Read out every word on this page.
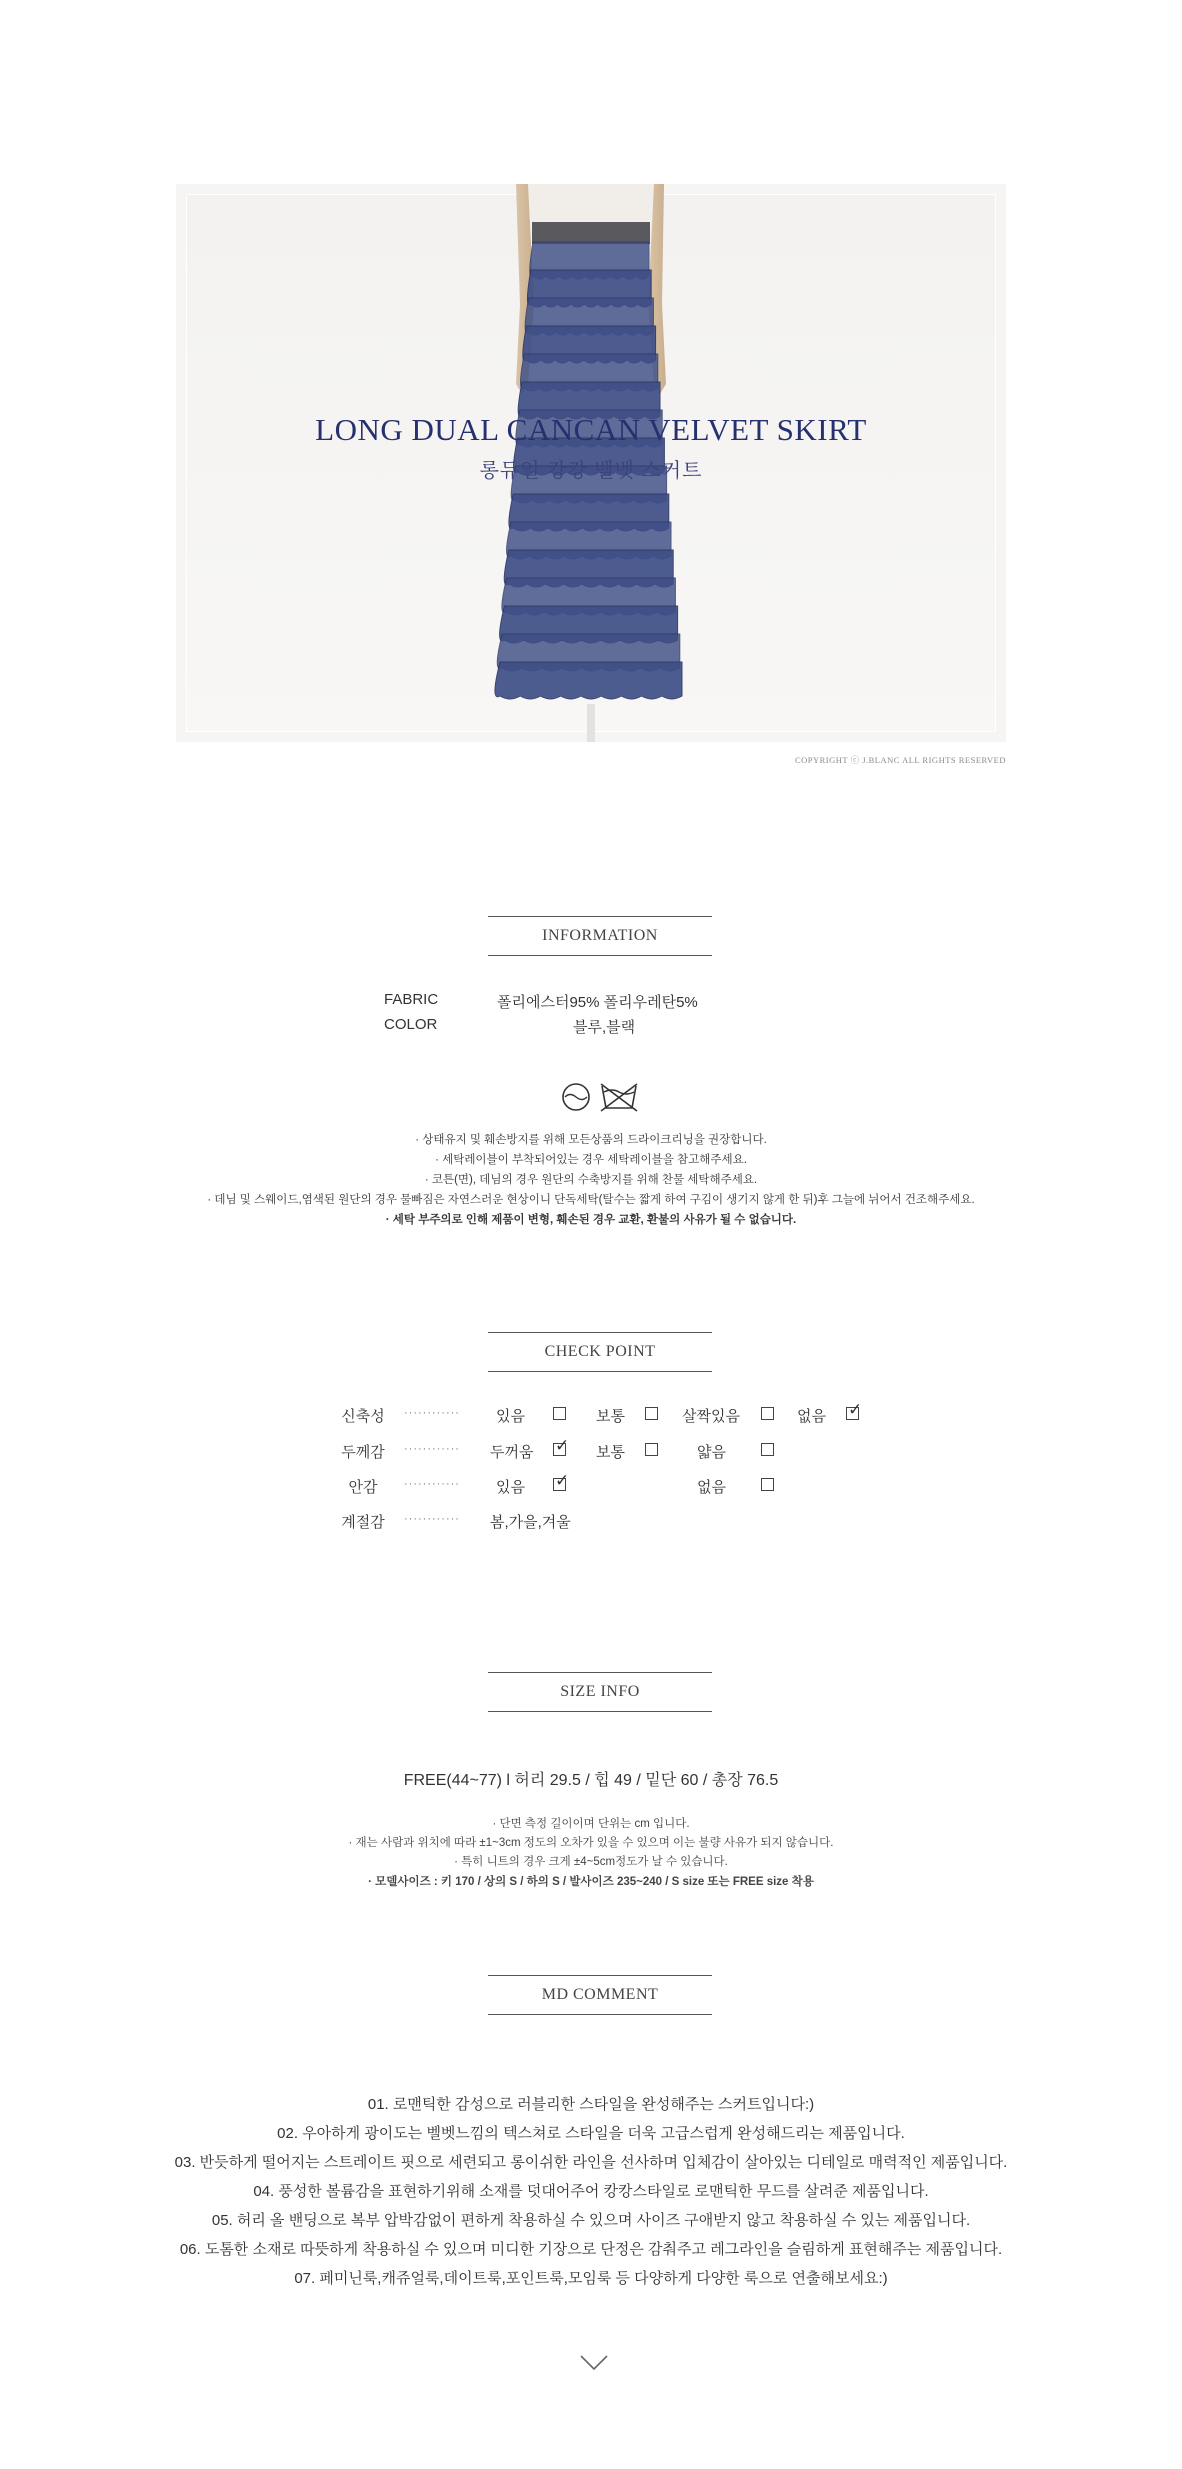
LONG DUAL CANCAN VELVET SKIRT
롱듀얼 캉캉 벨벳 스커트
COPYRIGHT ⓒ J.BLANC ALL RIGHTS RESERVED
INFORMATION
FABRIC	폴리에스터95% 폴리우레탄5%
COLOR	블루,블랙
· 상태유지 및 훼손방지를 위해 모든상품의 드라이크리닝을 권장합니다.
· 세탁레이블이 부착되어있는 경우 세탁레이블을 참고해주세요.
· 코튼(면), 데님의 경우 원단의 수축방지를 위해 찬물 세탁해주세요.
· 데님 및 스웨이드,염색된 원단의 경우 물빠짐은 자연스러운 현상이니 단독세탁(탈수는 짧게 하여 구김이 생기지 않게 한 뒤)후 그늘에 뉘어서 건조해주세요.
· 세탁 부주의로 인해 제품이 변형, 훼손된 경우 교환, 환불의 사유가 될 수 없습니다.
CHECK POINT
신축성	············ 있음	보통	살짝있음	없음 ✓
두께감	············ 두꺼움 ✓ 보통	얇음
안감	············ 있음 ✓	없음
계절감	············ 봄,가을,겨울
SIZE INFO
FREE(44~77) l 허리 29.5 / 힙 49 / 밑단 60 / 총장 76.5
· 단면 측정 길이이며 단위는 cm 입니다.
· 재는 사람과 위치에 따라 ±1~3cm 정도의 오차가 있을 수 있으며 이는 불량 사유가 되지 않습니다.
· 특히 니트의 경우 크게 ±4~5cm정도가 날 수 있습니다.
· 모델사이즈 : 키 170 / 상의 S / 하의 S / 발사이즈 235~240 / S size 또는 FREE size 착용
MD COMMENT
01. 로맨틱한 감성으로 러블리한 스타일을 완성해주는 스커트입니다:)
02. 우아하게 광이도는 벨벳느낌의 텍스쳐로 스타일을 더욱 고급스럽게 완성해드리는 제품입니다.
03. 반듯하게 떨어지는 스트레이트 핏으로 세련되고 롱이쉬한 라인을 선사하며 입체감이 살아있는 디테일로 매력적인 제품입니다.
04. 풍성한 볼륨감을 표현하기위해 소재를 덧대어주어 캉캉스타일로 로맨틱한 무드를 살려준 제품입니다.
05. 허리 올 밴딩으로 복부 압박감없이 편하게 착용하실 수 있으며 사이즈 구애받지 않고 착용하실 수 있는 제품입니다.
06. 도톰한 소재로 따뜻하게 착용하실 수 있으며 미디한 기장으로 단정은 감춰주고 레그라인을 슬림하게 표현해주는 제품입니다.
07. 페미닌룩,캐쥬얼룩,데이트룩,포인트룩,모임룩 등 다양하게 다양한 룩으로 연출해보세요:)
